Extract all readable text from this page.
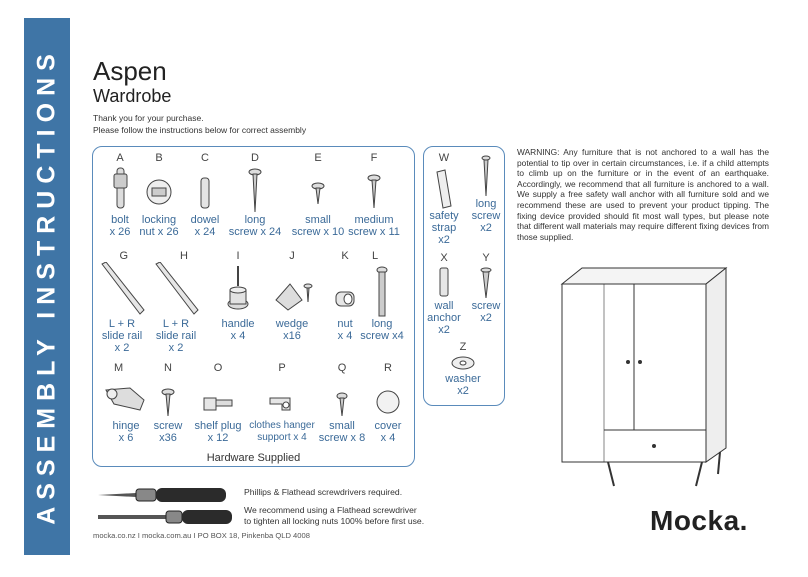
ASSEMBLY INSTRUCTIONS Aspen
Wardrobe
Thank you for your purchase.
Please follow the instructions below for correct assembly
A
bolt
x 26
B
locking
nut x 26
C
dowel
x 24
D
long
screw x 24
E
small
screw x 10
F
medium
screw x 11
G
L + R
slide rail
x 2
H
L + R
slide rail
x 2
I
handle
x 4
J
wedge
x16
K
nut
x 4
L
long
screw x4
M
hinge
x 6
N
screw
x36
O
shelf plug
x 12
P
clothes hanger
support x 4
Q
small
screw x 8
R
cover
x 4
Hardware Supplied
W
safety
strap
x2
long
screw
x2
X
wall
anchor
x2
Y
screw
x2
Z
washer
x2
WARNING: Any furniture that is not anchored to a wall has the potential to tip over in certain circumstances, i.e. if a child attempts to climb up on the furniture or in the event of an earthquake. Accordingly, we recommend that all furniture is anchored to a wall. We supply a free safety wall anchor with all furniture sold and we recommend these are used to prevent your product tipping. The fixing device provided should fit most wall types, but please note that different wall materials may require different fixing devices from those supplied.

Phillips & Flathead screwdrivers required.

We recommend using a Flathead screwdriver
to tighten all locking nuts 100% before first use.
mocka.co.nz I mocka.com.au I PO BOX 18, Pinkenba QLD 4008	Mocka.
